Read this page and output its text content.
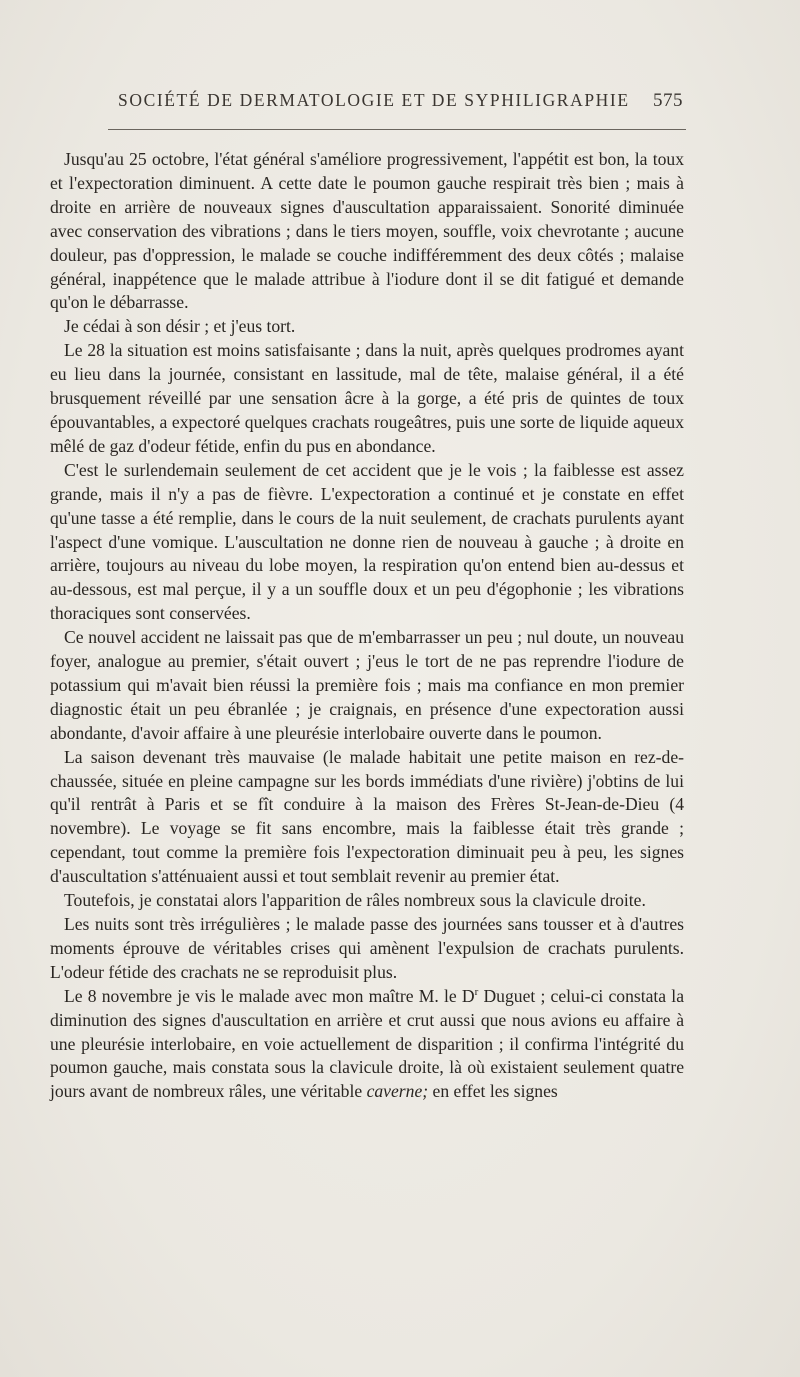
SOCIÉTÉ DE DERMATOLOGIE ET DE SYPHILIGRAPHIE 575

Jusqu'au 25 octobre, l'état général s'améliore progressivement, l'appétit est bon, la toux et l'expectoration diminuent. A cette date le poumon gauche respirait très bien ; mais à droite en arrière de nouveaux signes d'auscultation apparaissaient. Sonorité diminuée avec conservation des vibrations ; dans le tiers moyen, souffle, voix chevrotante ; aucune douleur, pas d'oppression, le malade se couche indifféremment des deux côtés ; malaise général, inappétence que le malade attribue à l'iodure dont il se dit fatigué et demande qu'on le débarrasse.

Je cédai à son désir ; et j'eus tort.

Le 28 la situation est moins satisfaisante ; dans la nuit, après quelques prodromes ayant eu lieu dans la journée, consistant en lassitude, mal de tête, malaise général, il a été brusquement réveillé par une sensation âcre à la gorge, a été pris de quintes de toux épouvantables, a expectoré quelques crachats rougeâtres, puis une sorte de liquide aqueux mêlé de gaz d'odeur fétide, enfin du pus en abondance.

C'est le surlendemain seulement de cet accident que je le vois ; la faiblesse est assez grande, mais il n'y a pas de fièvre. L'expectoration a continué et je constate en effet qu'une tasse a été remplie, dans le cours de la nuit seulement, de crachats purulents ayant l'aspect d'une vomique. L'auscultation ne donne rien de nouveau à gauche ; à droite en arrière, toujours au niveau du lobe moyen, la respiration qu'on entend bien au-dessus et au-dessous, est mal perçue, il y a un souffle doux et un peu d'égophonie ; les vibrations thoraciques sont conservées.

Ce nouvel accident ne laissait pas que de m'embarrasser un peu ; nul doute, un nouveau foyer, analogue au premier, s'était ouvert ; j'eus le tort de ne pas reprendre l'iodure de potassium qui m'avait bien réussi la première fois ; mais ma confiance en mon premier diagnostic était un peu ébranlée ; je craignais, en présence d'une expectoration aussi abondante, d'avoir affaire à une pleurésie interlobaire ouverte dans le poumon.

La saison devenant très mauvaise (le malade habitait une petite maison en rez-de-chaussée, située en pleine campagne sur les bords immédiats d'une rivière) j'obtins de lui qu'il rentrât à Paris et se fît conduire à la maison des Frères St-Jean-de-Dieu (4 novembre). Le voyage se fit sans encombre, mais la faiblesse était très grande ; cependant, tout comme la première fois l'expectoration diminuait peu à peu, les signes d'auscultation s'atténuaient aussi et tout semblait revenir au premier état.

Toutefois, je constatai alors l'apparition de râles nombreux sous la clavicule droite.

Les nuits sont très irrégulières ; le malade passe des journées sans tousser et à d'autres moments éprouve de véritables crises qui amènent l'expulsion de crachats purulents. L'odeur fétide des crachats ne se reproduisit plus.

Le 8 novembre je vis le malade avec mon maître M. le $D^r$ Duguet ; celui-ci constata la diminution des signes d'auscultation en arrière et crut aussi que nous avions eu affaire à une pleurésie interlobaire, en voie actuellement de disparition ; il confirma l'intégrité du poumon gauche, mais constata sous la clavicule droite, là où existaient seulement quatre jours avant de nombreux râles, une véritable caverne; en effet les signes
